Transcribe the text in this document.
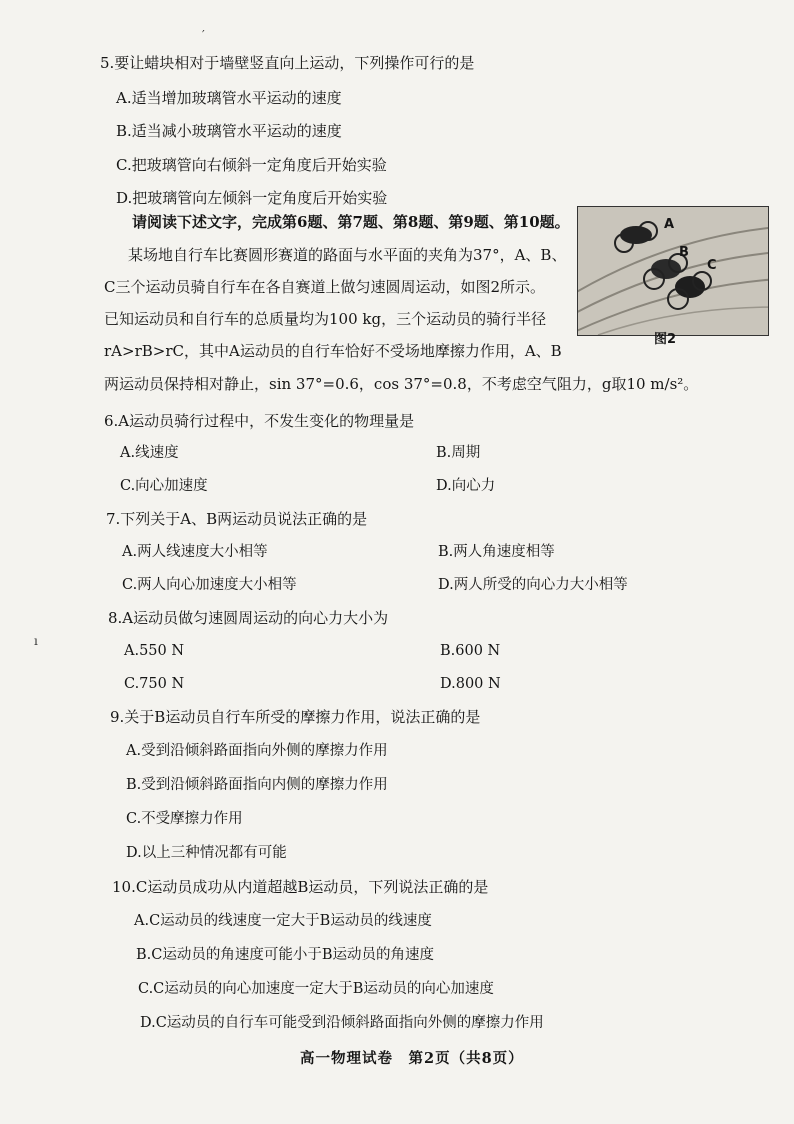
5.要让蜡块相对于墙壁竖直向上运动，下列操作可行的是
A.适当增加玻璃管水平运动的速度
B.适当减小玻璃管水平运动的速度
C.把玻璃管向右倾斜一定角度后开始实验
D.把玻璃管向左倾斜一定角度后开始实验
请阅读下述文字，完成第6题、第7题、第8题、第9题、第10题。
某场地自行车比赛圆形赛道的路面与水平面的夹角为37°，A、B、
C三个运动员骑自行车在各自赛道上做匀速圆周运动，如图2所示。
已知运动员和自行车的总质量均为100 kg，三个运动员的骑行半径
rA>rB>rC，其中A运动员的自行车恰好不受场地摩擦力作用，A、B
两运动员保持相对静止，sin 37°=0.6，cos 37°=0.8，不考虑空气阻力，g取10 m/s²。
A
B
C
图2
6.A运动员骑行过程中，不发生变化的物理量是
A.线速度	B.周期
C.向心加速度	D.向心力
7.下列关于A、B两运动员说法正确的是
A.两人线速度大小相等	B.两人角速度相等
C.两人向心加速度大小相等	D.两人所受的向心力大小相等
8.A运动员做匀速圆周运动的向心力大小为
A.550 N	B.600 N
C.750 N	D.800 N
9.关于B运动员自行车所受的摩擦力作用，说法正确的是
A.受到沿倾斜路面指向外侧的摩擦力作用
B.受到沿倾斜路面指向内侧的摩擦力作用
C.不受摩擦力作用
D.以上三种情况都有可能
10.C运动员成功从内道超越B运动员，下列说法正确的是
A.C运动员的线速度一定大于B运动员的线速度
B.C运动员的角速度可能小于B运动员的角速度
C.C运动员的向心加速度一定大于B运动员的向心加速度
D.C运动员的自行车可能受到沿倾斜路面指向外侧的摩擦力作用
高一物理试卷　第2页（共8页）
′
ı
